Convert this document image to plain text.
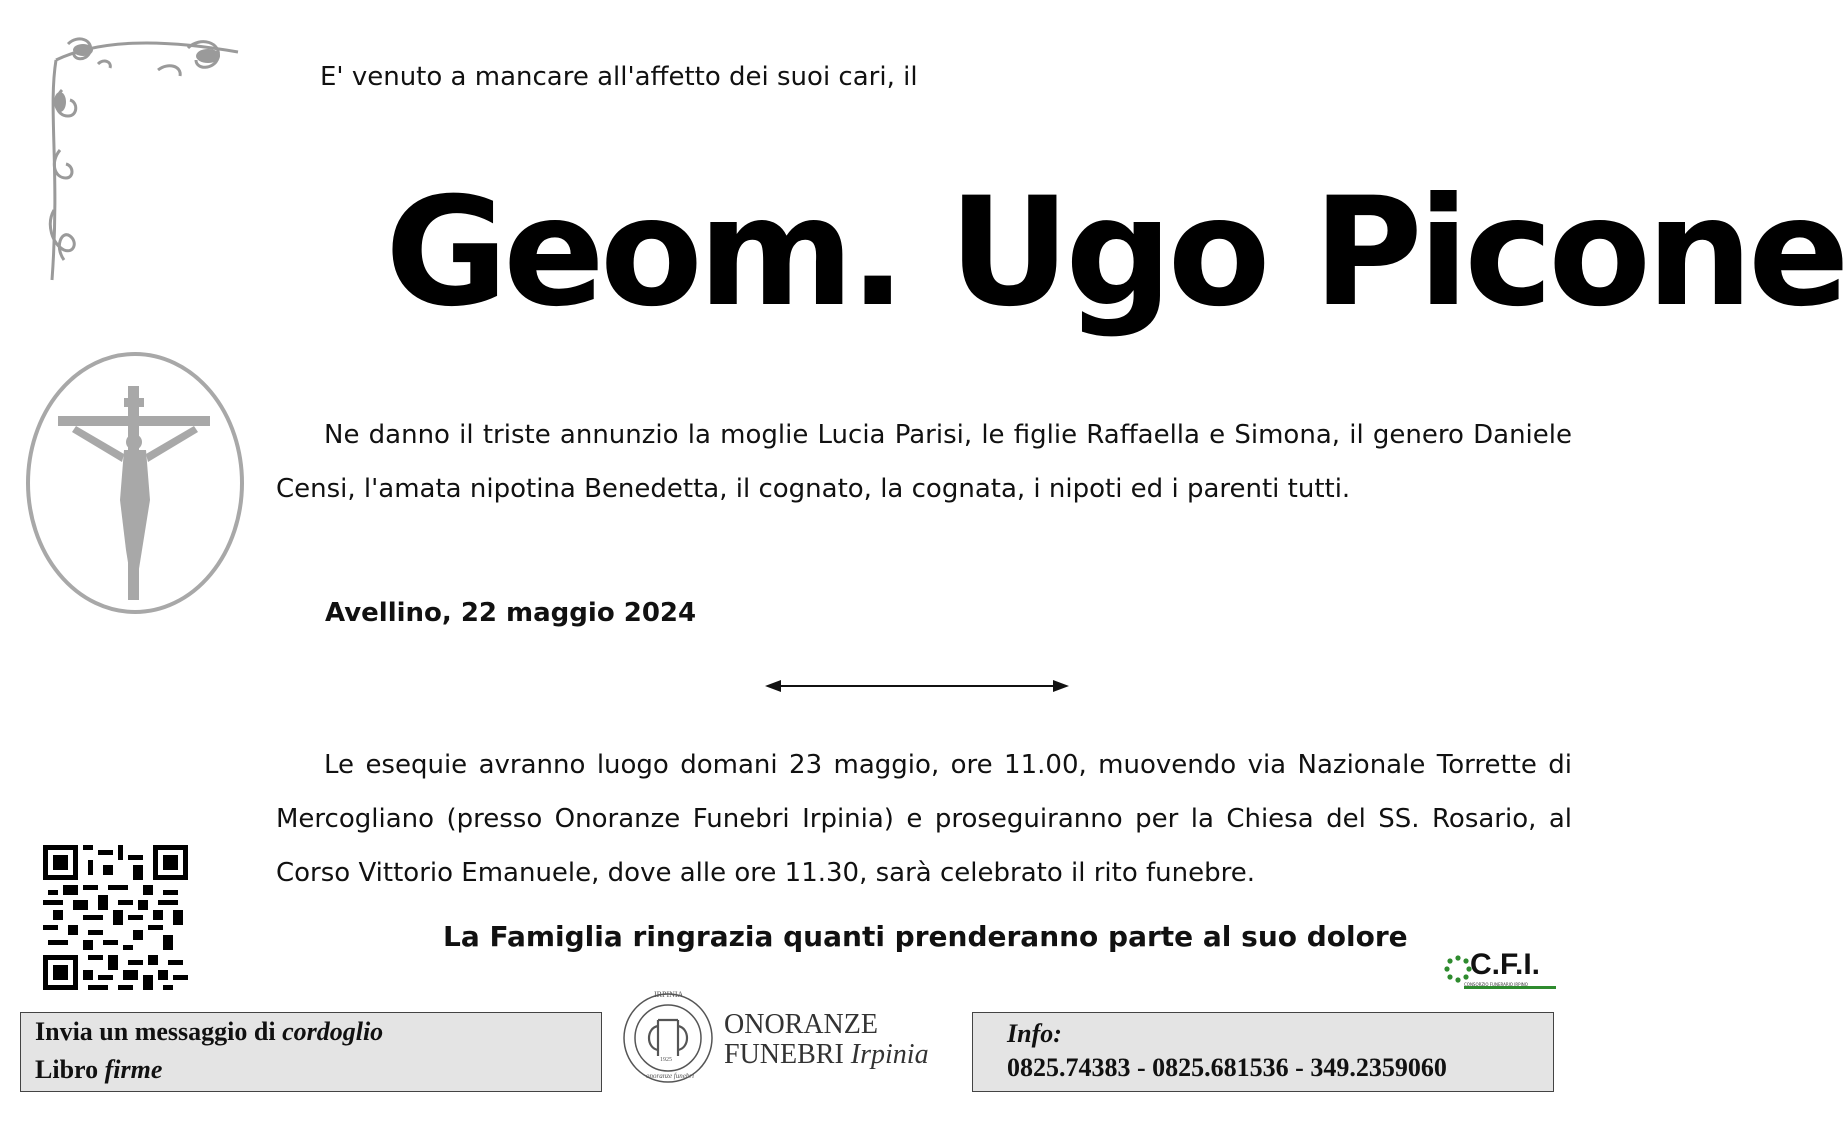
E' venuto a mancare all'affetto dei suoi cari, il
Geom. Ugo Picone
Ne danno il triste annunzio la moglie Lucia Parisi, le figlie Raffaella e Simona, il genero Daniele Censi, l'amata nipotina Benedetta, il cognato, la cognata, i nipoti ed i parenti tutti.
Avellino, 22 maggio 2024
Le esequie avranno luogo domani 23 maggio, ore 11.00, muovendo via Nazionale Torrette di Mercogliano (presso Onoranze Funebri Irpinia) e proseguiranno per la Chiesa del SS. Rosario, al Corso Vittorio Emanuele, dove alle ore 11.30, sarà celebrato il rito funebre.
La Famiglia ringrazia quanti prenderanno parte al suo dolore
C.F.I.
CONSORZIO FUNERARIO IRPINO
Invia un messaggio di cordoglio
Libro firme
IRPINIA
1925
onoranze funebri
ONORANZE
FUNEBRI Irpinia
Info:
0825.74383 - 0825.681536 - 349.2359060
